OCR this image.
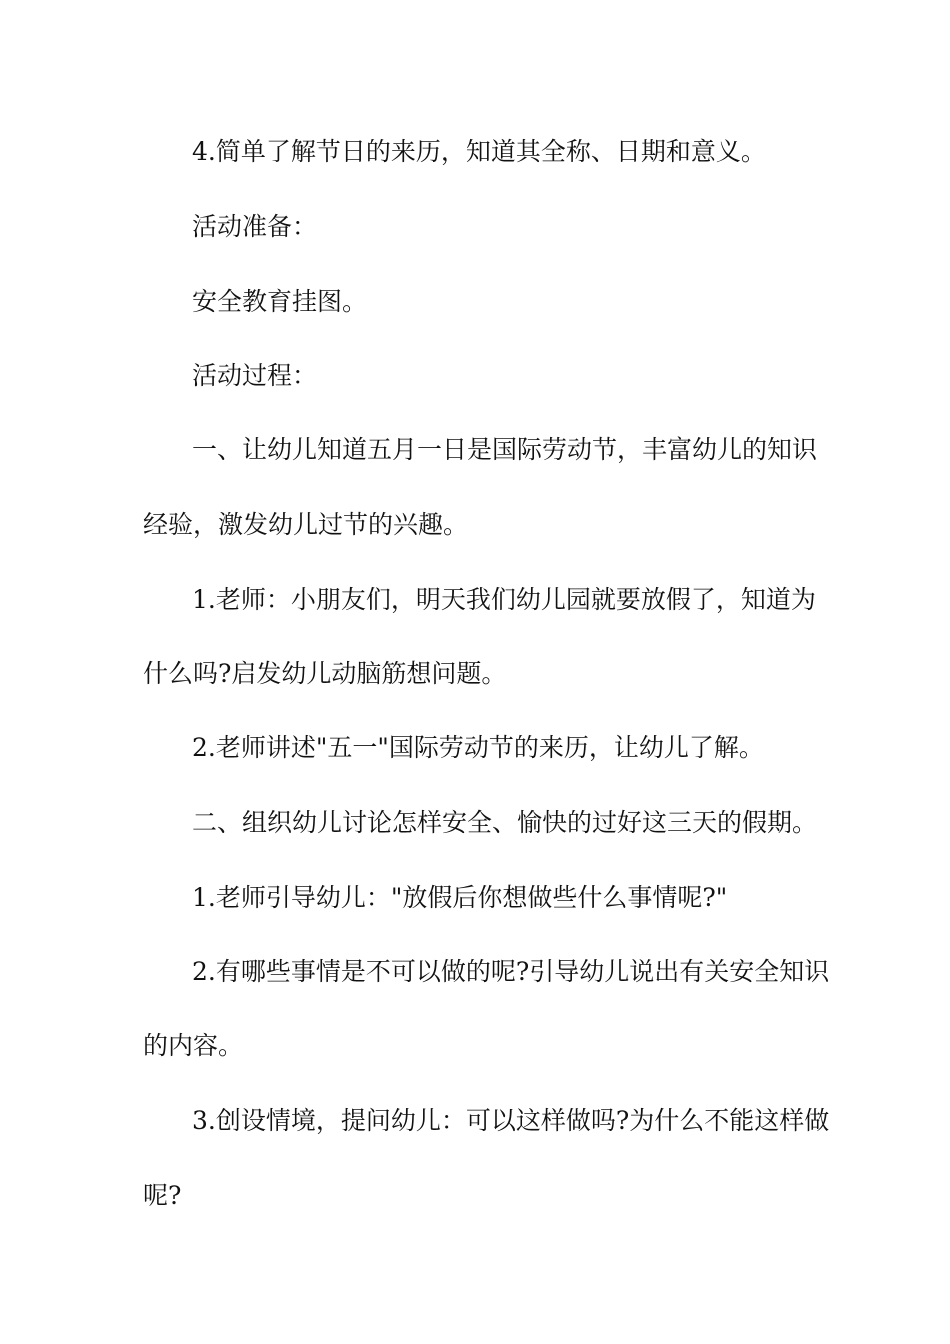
4.简单了解节日的来历，知道其全称、日期和意义。
活动准备：
安全教育挂图。
活动过程：
一、让幼儿知道五月一日是国际劳动节，丰富幼儿的知识
经验，激发幼儿过节的兴趣。
1.老师：小朋友们，明天我们幼儿园就要放假了，知道为
什么吗?启发幼儿动脑筋想问题。
2.老师讲述"五一"国际劳动节的来历，让幼儿了解。
二、组织幼儿讨论怎样安全、愉快的过好这三天的假期。
1.老师引导幼儿："放假后你想做些什么事情呢?"
2.有哪些事情是不可以做的呢?引导幼儿说出有关安全知识
的内容。
3.创设情境，提问幼儿：可以这样做吗?为什么不能这样做
呢?
